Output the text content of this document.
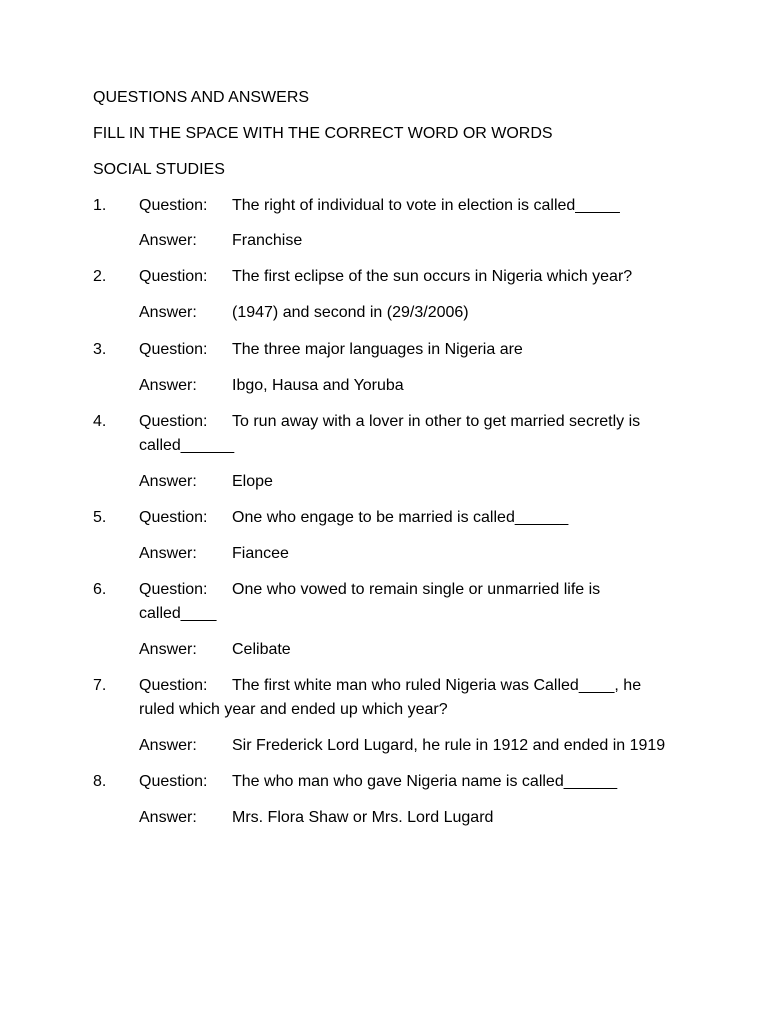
QUESTIONS AND ANSWERS
FILL IN THE SPACE WITH THE CORRECT WORD OR WORDS
SOCIAL STUDIES
1. Question: The right of individual to vote in election is called_____
Answer: Franchise
2. Question: The first eclipse of the sun occurs in Nigeria which year?
Answer: (1947) and second in (29/3/2006)
3. Question: The three major languages in Nigeria are
Answer: Ibgo, Hausa and Yoruba
4. Question: To run away with a lover in other to get married secretly is
called______
Answer: Elope
5. Question: One who engage to be married is called______
Answer: Fiancee
6. Question: One who vowed to remain single or unmarried life is
called____
Answer: Celibate
7. Question: The first white man who ruled Nigeria was Called____, he
ruled which year and ended up which year?
Answer: Sir Frederick Lord Lugard, he rule in 1912 and ended in 1919
8. Question: The who man who gave Nigeria name is called______
Answer: Mrs. Flora Shaw or Mrs. Lord Lugard
